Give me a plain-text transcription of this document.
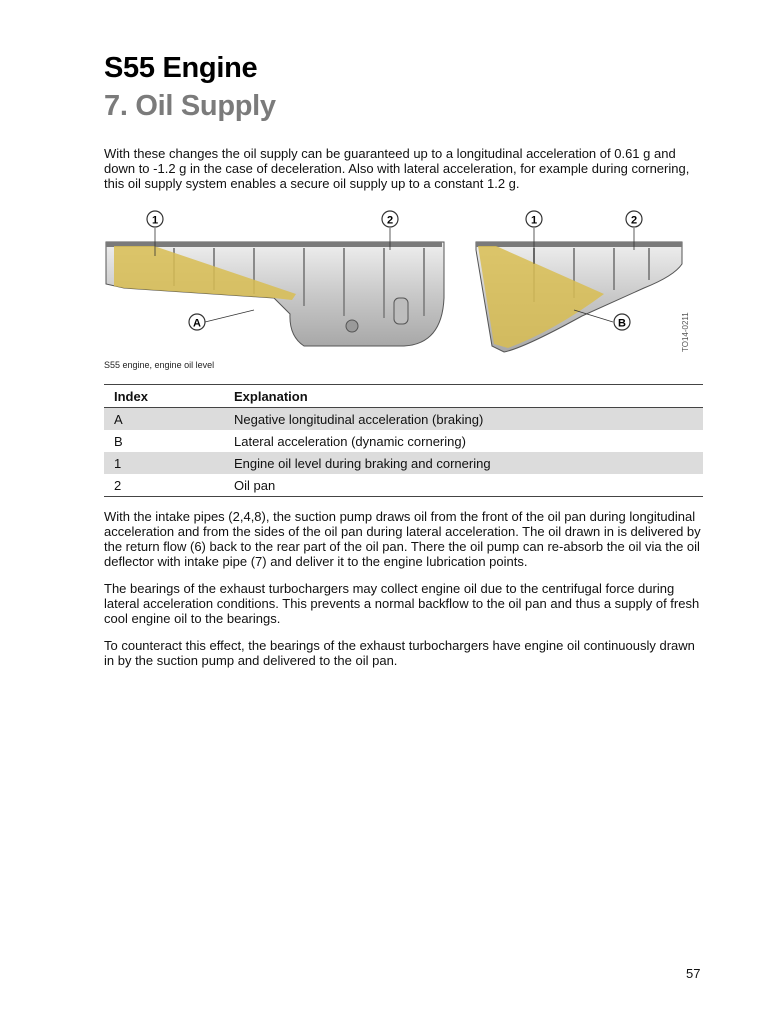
S55 Engine
7. Oil Supply
With these changes the oil supply can be guaranteed up to a longitudinal acceleration of 0.61 g and down to -1.2 g in the case of deceleration. Also with lateral acceleration, for example during cornering, this oil supply system enables a secure oil supply up to a constant 1.2 g.
1	2	1	2
A	B	TO14-0211
S55 engine, engine oil level
Index	Explanation
A	Negative longitudinal acceleration (braking)
B	Lateral acceleration (dynamic cornering)
1	Engine oil level during braking and cornering
2	Oil pan
With the intake pipes (2,4,8), the suction pump draws oil from the front of the oil pan during longitudinal acceleration and from the sides of the oil pan during lateral acceleration. The oil drawn in is delivered by the return flow (6) back to the rear part of the oil pan. There the oil pump can re-absorb the oil via the oil deflector with intake pipe (7) and deliver it to the engine lubrication points.
The bearings of the exhaust turbochargers may collect engine oil due to the centrifugal force during lateral acceleration conditions. This prevents a normal backflow to the oil pan and thus a supply of fresh cool engine oil to the bearings.
To counteract this effect, the bearings of the exhaust turbochargers have engine oil continuously drawn in by the suction pump and delivered to the oil pan.
57
